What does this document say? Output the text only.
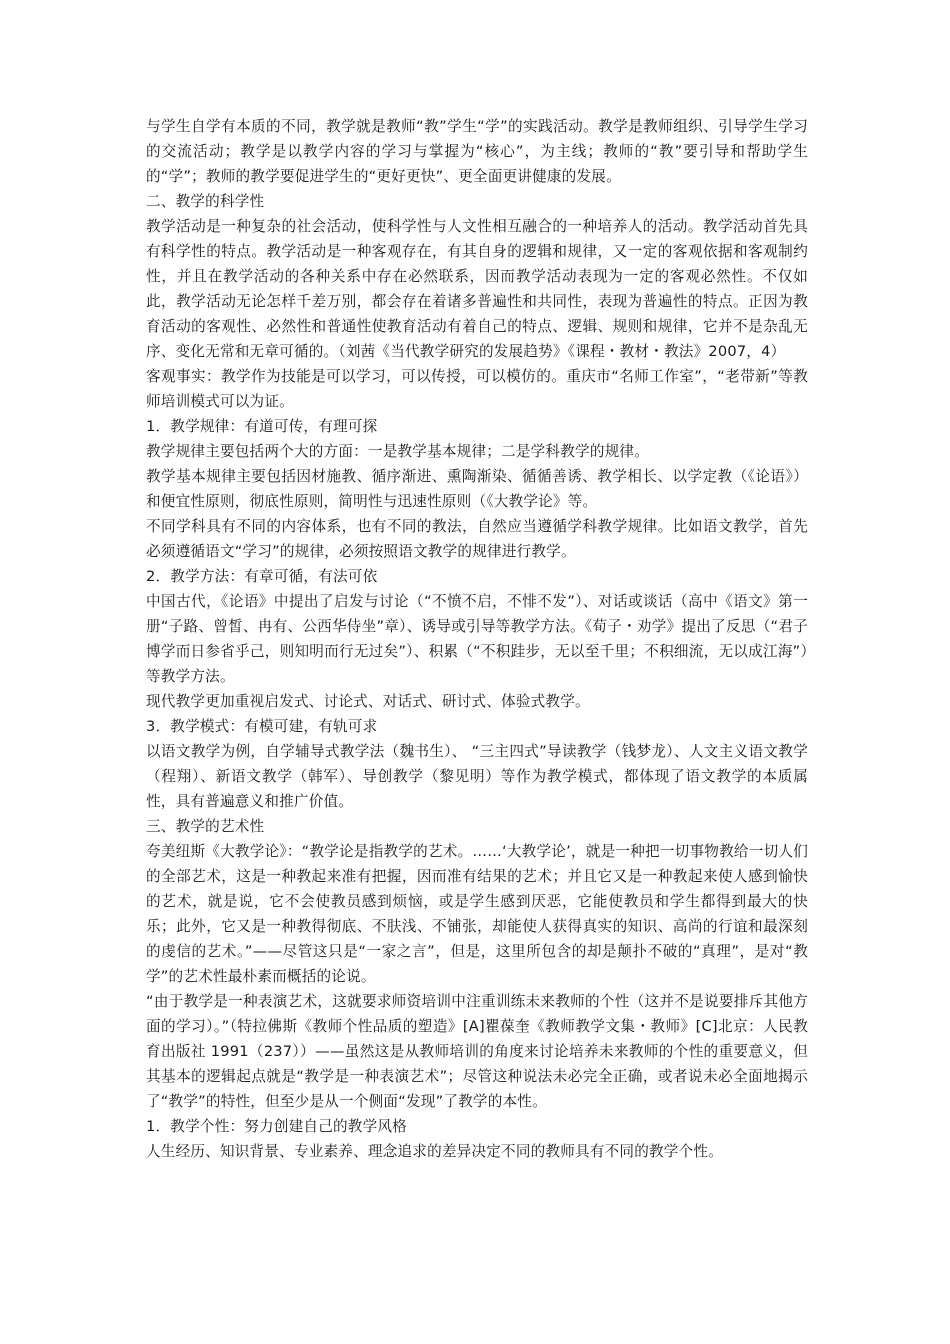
与学生自学有本质的不同，教学就是教师“教”学生“学”的实践活动。教学是教师组织、引导学生学习的交流活动；教学是以教学内容的学习与掌握为“核心”，为主线；教师的“教”要引导和帮助学生的“学”；教师的教学要促进学生的“更好更快”、更全面更讲健康的发展。

二、教学的科学性

教学活动是一种复杂的社会活动，使科学性与人文性相互融合的一种培养人的活动。教学活动首先具有科学性的特点。教学活动是一种客观存在，有其自身的逻辑和规律，又一定的客观依据和客观制约性，并且在教学活动的各种关系中存在必然联系，因而教学活动表现为一定的客观必然性。不仅如此，教学活动无论怎样千差万别，都会存在着诸多普遍性和共同性，表现为普遍性的特点。正因为教育活动的客观性、必然性和普通性使教育活动有着自己的特点、逻辑、规则和规律，它并不是杂乱无序、变化无常和无章可循的。（刘茜《当代教学研究的发展趋势》《课程・教材・教法》2007，4）

客观事实：教学作为技能是可以学习，可以传授，可以模仿的。重庆市“名师工作室”，“老带新”等教师培训模式可以为证。

1．教学规律：有道可传，有理可探

教学规律主要包括两个大的方面：一是教学基本规律；二是学科教学的规律。

教学基本规律主要包括因材施教、循序渐进、熏陶渐染、循循善诱、教学相长、以学定教（《论语》）和便宜性原则，彻底性原则，简明性与迅速性原则（《大教学论》等。

不同学科具有不同的内容体系，也有不同的教法，自然应当遵循学科教学规律。比如语文教学，首先必须遵循语文“学习”的规律，必须按照语文教学的规律进行教学。

2．教学方法：有章可循，有法可依

中国古代，《论语》中提出了启发与讨论（“不愤不启，不悱不发”）、对话或谈话（高中《语文》第一册“子路、曾皙、冉有、公西华侍坐”章）、诱导或引导等教学方法。《荀子・劝学》提出了反思（“君子博学而日参省乎己，则知明而行无过矣”）、积累（“不积跬步，无以至千里；不积细流，无以成江海”）等教学方法。

现代教学更加重视启发式、讨论式、对话式、研讨式、体验式教学。

3．教学模式：有模可建，有轨可求

以语文教学为例，自学辅导式教学法（魏书生）、 “三主四式”导读教学（钱梦龙）、人文主义语文教学（程翔）、新语文教学（韩军）、导创教学（黎见明）等作为教学模式，都体现了语文教学的本质属性，具有普遍意义和推广价值。

三、教学的艺术性

夸美纽斯《大教学论》：“教学论是指教学的艺术。……‘大教学论’，就是一种把一切事物教给一切人们的全部艺术，这是一种教起来准有把握，因而准有结果的艺术；并且它又是一种教起来使人感到愉快的艺术，就是说，它不会使教员感到烦恼，或是学生感到厌恶，它能使教员和学生都得到最大的快乐；此外，它又是一种教得彻底、不肤浅、不铺张，却能使人获得真实的知识、高尚的行谊和最深刻的虔信的艺术。”——尽管这只是“一家之言”，但是，这里所包含的却是颠扑不破的“真理”，是对“教学”的艺术性最朴素而概括的论说。

“由于教学是一种表演艺术，这就要求师资培训中注重训练未来教师的个性（这并不是说要排斥其他方面的学习）。”（特拉佛斯《教师个性品质的塑造》[A]瞿葆奎《教师教学文集・教师》[C]北京：人民教育出版社 1991（237））——虽然这是从教师培训的角度来讨论培养未来教师的个性的重要意义，但其基本的逻辑起点就是“教学是一种表演艺术”；尽管这种说法未必完全正确，或者说未必全面地揭示了“教学”的特性，但至少是从一个侧面“发现”了教学的本性。

1．教学个性：努力创建自己的教学风格

人生经历、知识背景、专业素养、理念追求的差异决定不同的教师具有不同的教学个性。
